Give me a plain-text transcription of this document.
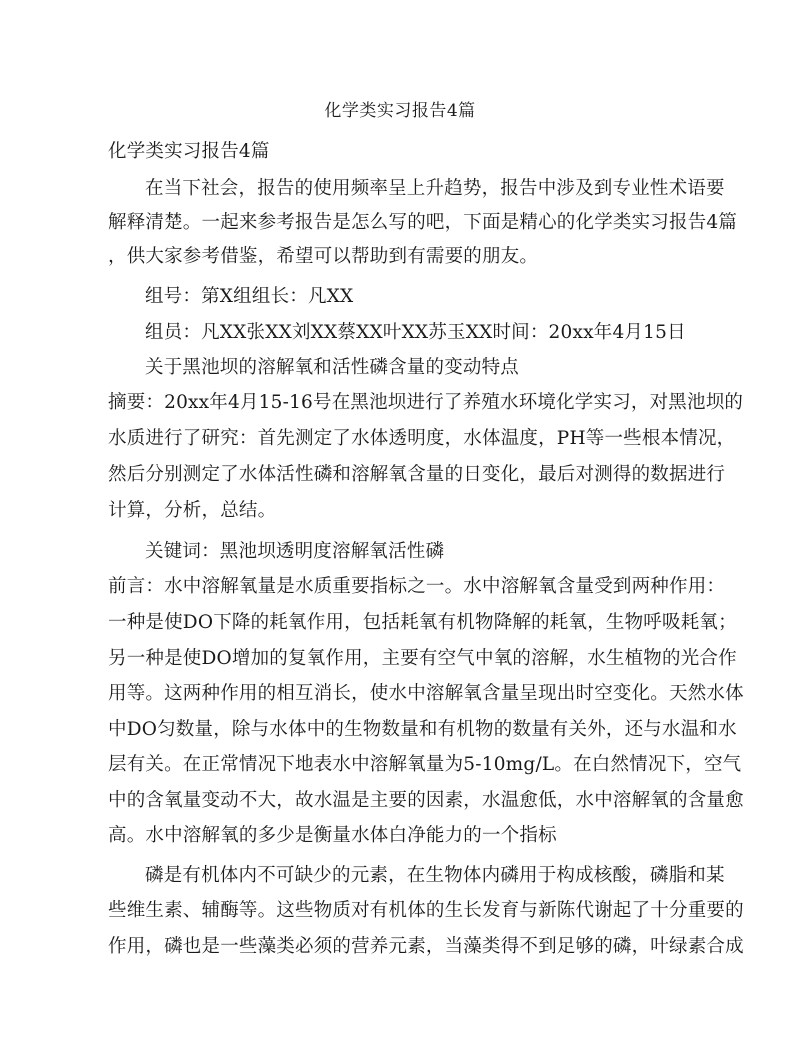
化学类实习报告4篇
化学类实习报告4篇
在当下社会，报告的使用频率呈上升趋势，报告中涉及到专业性术语要
解释清楚。一起来参考报告是怎么写的吧，下面是精心的化学类实习报告4篇
，供大家参考借鉴，希望可以帮助到有需要的朋友。
组号：第X组组长：凡XX
组员：凡XX张XX刘XX蔡XX叶XX苏玉XX时间：20xx年4月15日
关于黑池坝的溶解氧和活性磷含量的变动特点
摘要：20xx年4月15-16号在黑池坝进行了养殖水环境化学实习，对黑池坝的
水质进行了研究：首先测定了水体透明度，水体温度，PH等一些根本情况，
然后分别测定了水体活性磷和溶解氧含量的日变化，最后对测得的数据进行
计算，分析，总结。
关键词：黑池坝透明度溶解氧活性磷
前言：水中溶解氧量是水质重要指标之一。水中溶解氧含量受到两种作用：
一种是使DO下降的耗氧作用，包括耗氧有机物降解的耗氧，生物呼吸耗氧；
另一种是使DO增加的复氧作用，主要有空气中氧的溶解，水生植物的光合作
用等。这两种作用的相互消长，使水中溶解氧含量呈现出时空变化。天然水体
中DO匀数量，除与水体中的生物数量和有机物的数量有关外，还与水温和水
层有关。在正常情况下地表水中溶解氧量为5-10mg/L。在白然情况下，空气
中的含氧量变动不大，故水温是主要的因素，水温愈低，水中溶解氧的含量愈
高。水中溶解氧的多少是衡量水体白净能力的一个指标
磷是有机体内不可缺少的元素，在生物体内磷用于构成核酸，磷脂和某
些维生素、辅酶等。这些物质对有机体的生长发育与新陈代谢起了十分重要的
作用，磷也是一些藻类必须的营养元素，当藻类得不到足够的磷，叶绿素合成
